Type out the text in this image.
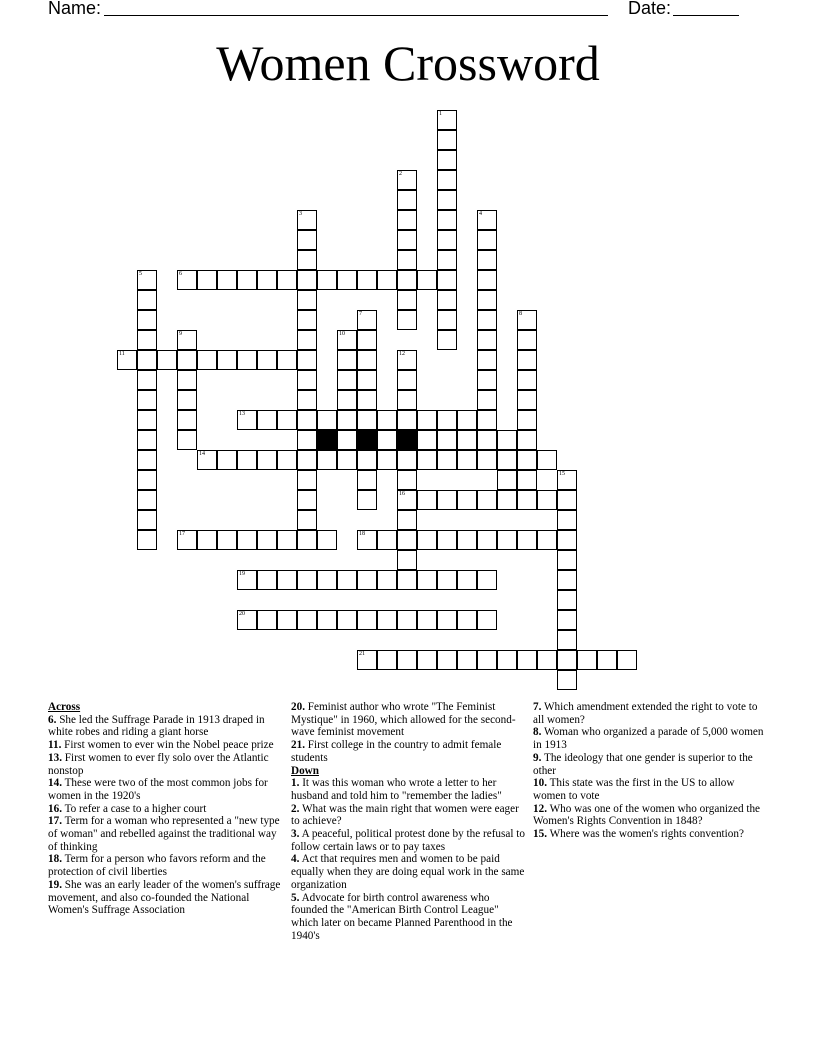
Name:	Date:
Women Crossword
1
2
3	4
5	6
7	8
9	10
11	12
13
14
15
16
17	18
19
20
21
Across
6. She led the Suffrage Parade in 1913 draped in white robes and riding a giant horse
11. First women to ever win the Nobel peace prize
13. First women to ever fly solo over the Atlantic nonstop
14. These were two of the most common jobs for women in the 1920's
16. To refer a case to a higher court
17. Term for a woman who represented a "new type of woman" and rebelled against the traditional way of thinking
18. Term for a person who favors reform and the protection of civil liberties
19. She was an early leader of the women's suffrage movement, and also co-founded the National Women's Suffrage Association
20. Feminist author who wrote "The Feminist Mystique" in 1960, which allowed for the second-wave feminist movement
21. First college in the country to admit female students
Down
1. It was this woman who wrote a letter to her husband and told him to "remember the ladies"
2. What was the main right that women were eager to achieve?
3. A peaceful, political protest done by the refusal to follow certain laws or to pay taxes
4. Act that requires men and women to be paid equally when they are doing equal work in the same organization
5. Advocate for birth control awareness who founded the "American Birth Control League" which later on became Planned Parenthood in the 1940's
7. Which amendment extended the right to vote to all women?
8. Woman who organized a parade of 5,000 women in 1913
9. The ideology that one gender is superior to the other
10. This state was the first in the US to allow women to vote
12. Who was one of the women who organized the Women's Rights Convention in 1848?
15. Where was the women's rights convention?
